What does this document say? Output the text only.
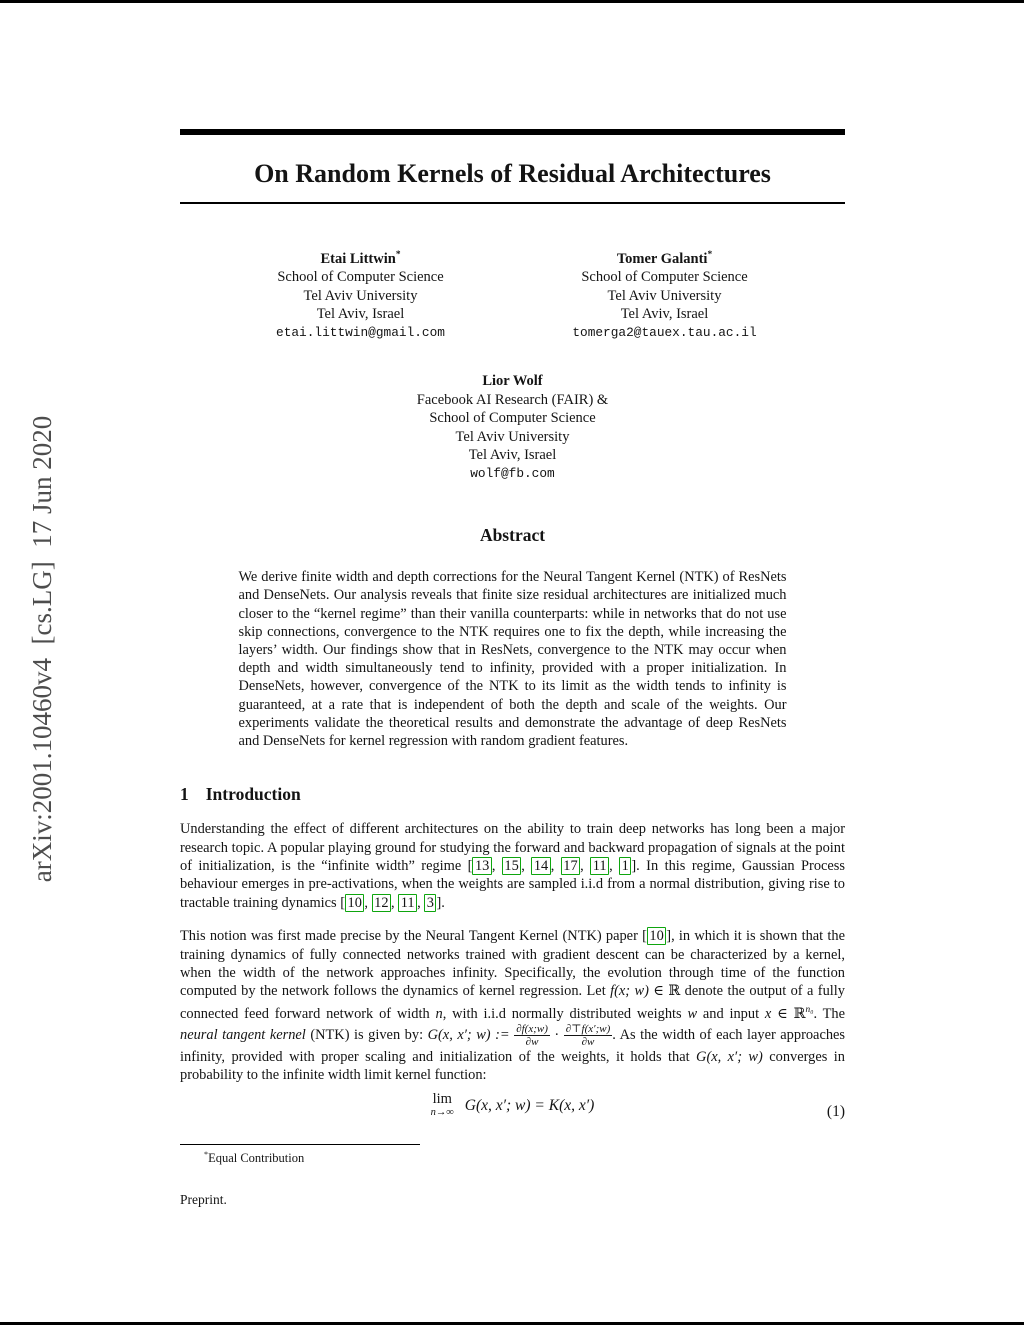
arXiv:2001.10460v4  [cs.LG]  17 Jun 2020
On Random Kernels of Residual Architectures
Etai Littwin*
School of Computer Science
Tel Aviv University
Tel Aviv, Israel
etai.littwin@gmail.com
Tomer Galanti*
School of Computer Science
Tel Aviv University
Tel Aviv, Israel
tomerga2@tauex.tau.ac.il
Lior Wolf
Facebook AI Research (FAIR) &
School of Computer Science
Tel Aviv University
Tel Aviv, Israel
wolf@fb.com
Abstract

We derive finite width and depth corrections for the Neural Tangent Kernel (NTK) of ResNets and DenseNets. Our analysis reveals that finite size residual architectures are initialized much closer to the “kernel regime” than their vanilla counterparts: while in networks that do not use skip connections, convergence to the NTK requires one to fix the depth, while increasing the layers’ width. Our findings show that in ResNets, convergence to the NTK may occur when depth and width simultaneously tend to infinity, provided with a proper initialization. In DenseNets, however, convergence of the NTK to its limit as the width tends to infinity is guaranteed, at a rate that is independent of both the depth and scale of the weights. Our experiments validate the theoretical results and demonstrate the advantage of deep ResNets and DenseNets for kernel regression with random gradient features.

1 Introduction

Understanding the effect of different architectures on the ability to train deep networks has long been a major research topic. A popular playing ground for studying the forward and backward propagation of signals at the point of initialization, is the “infinite width” regime [ 13 , 15 , 14 , 17 , 11 , 1 ]. In this regime, Gaussian Process behaviour emerges in pre-activations, when the weights are sampled i.i.d from a normal distribution, giving rise to tractable training dynamics [ 10 , 12 , 11 , 3 ].

This notion was first made precise by the Neural Tangent Kernel (NTK) paper [ 10 ], in which it is shown that the training dynamics of fully connected networks trained with gradient descent can be characterized by a kernel, when the width of the network approaches infinity. Specifically, the evolution through time of the function computed by the network follows the dynamics of kernel regression. Let f(x; w) ∈ ℝ denote the output of a fully connected feed forward network of width n, with i.i.d normally distributed weights w and input x ∈ ℝ$^{n_0}$. The neural tangent kernel (NTK) is given by: G(x, x′; w) := $\frac{\partial f(x;w)}{\partial w} \cdot \frac{\partial⊤f(x';w)}{\partial w}$ . As the width of each layer approaches infinity, provided with proper scaling and initialization of the weights, it holds that G(x, x′; w) converges in probability to the infinite width limit kernel function:

lim
n→∞ G(x, x′; w) = K(x, x′)	(1)

*Equal Contribution

Preprint.
